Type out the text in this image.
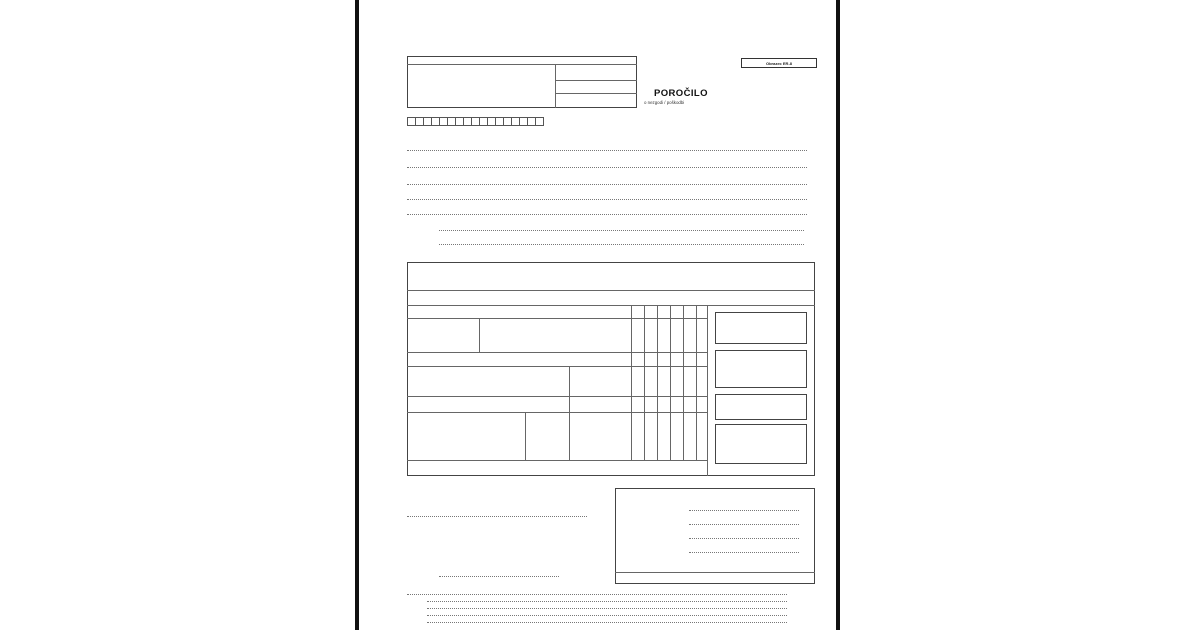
Obrazec ER-8
POROČILO
o nezgodi / poškodbi
